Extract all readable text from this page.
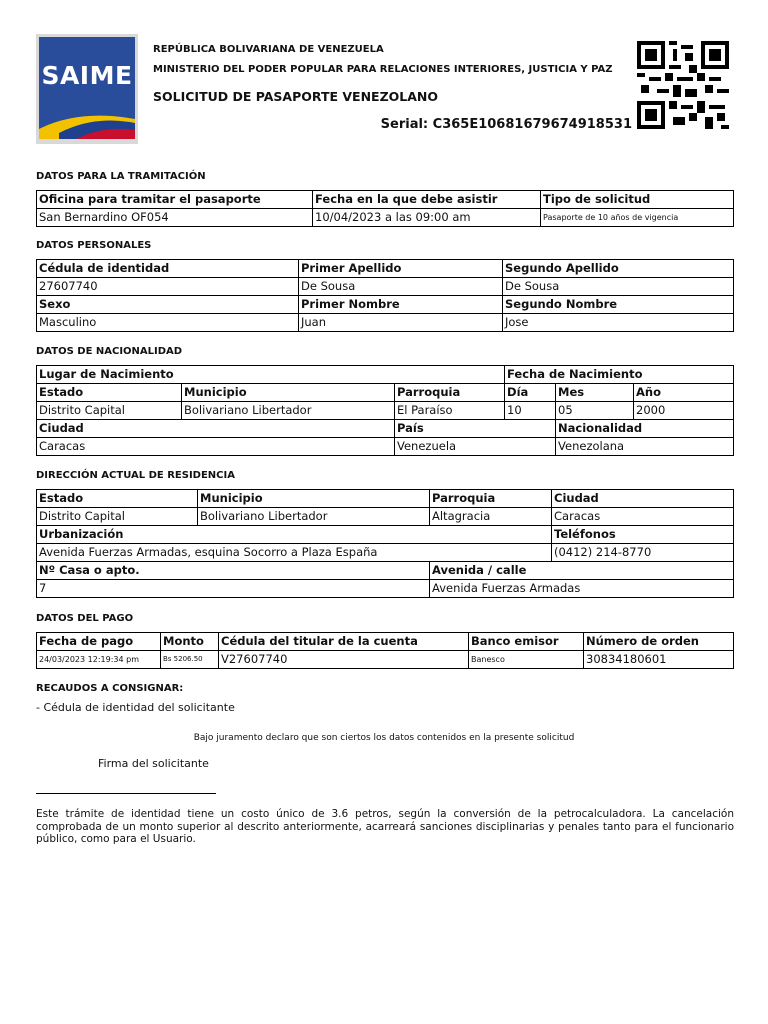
SAIME
REPÚBLICA BOLIVARIANA DE VENEZUELA
MINISTERIO DEL PODER POPULAR PARA RELACIONES INTERIORES, JUSTICIA Y PAZ
SOLICITUD DE PASAPORTE VENEZOLANO
Serial: C365E10681679674918531
DATOS PARA LA TRAMITACIÓN
Oficina para tramitar el pasaporte	Fecha en la que debe asistir	Tipo de solicitud
San Bernardino OF054	10/04/2023 a las 09:00 am	Pasaporte de 10 años de vigencia
DATOS PERSONALES
Cédula de identidad	Primer Apellido	Segundo Apellido
27607740	De Sousa	De Sousa
Sexo	Primer Nombre	Segundo Nombre
Masculino	Juan	Jose
DATOS DE NACIONALIDAD
Lugar de Nacimiento			Fecha de Nacimiento		
Estado	Municipio	Parroquia	Día	Mes	Año
Distrito Capital	Bolivariano Libertador	El Paraíso	10	05	2000
Ciudad		País		Nacionalidad	
Caracas		Venezuela		Venezolana	
DIRECCIÓN ACTUAL DE RESIDENCIA
Estado	Municipio	Parroquia	Ciudad
Distrito Capital	Bolivariano Libertador	Altagracia	Caracas
Urbanización			Teléfonos
Avenida Fuerzas Armadas, esquina Socorro a Plaza España			(0412) 214-8770
Nº Casa o apto.		Avenida / calle	
7		Avenida Fuerzas Armadas	
DATOS DEL PAGO
Fecha de pago	Monto	Cédula del titular de la cuenta	Banco emisor	Número de orden
24/03/2023 12:19:34 pm	Bs 5206.50	V27607740	Banesco	30834180601
RECAUDOS A CONSIGNAR:
- Cédula de identidad del solicitante
Bajo juramento declaro que son ciertos los datos contenidos en la presente solicitud
Firma del solicitante
Este trámite de identidad tiene un costo único de 3.6 petros, según la conversión de la petrocalculadora. La cancelación comprobada de un monto superior al descrito anteriormente, acarreará sanciones disciplinarias y penales tanto para el funcionario público, como para el Usuario.
